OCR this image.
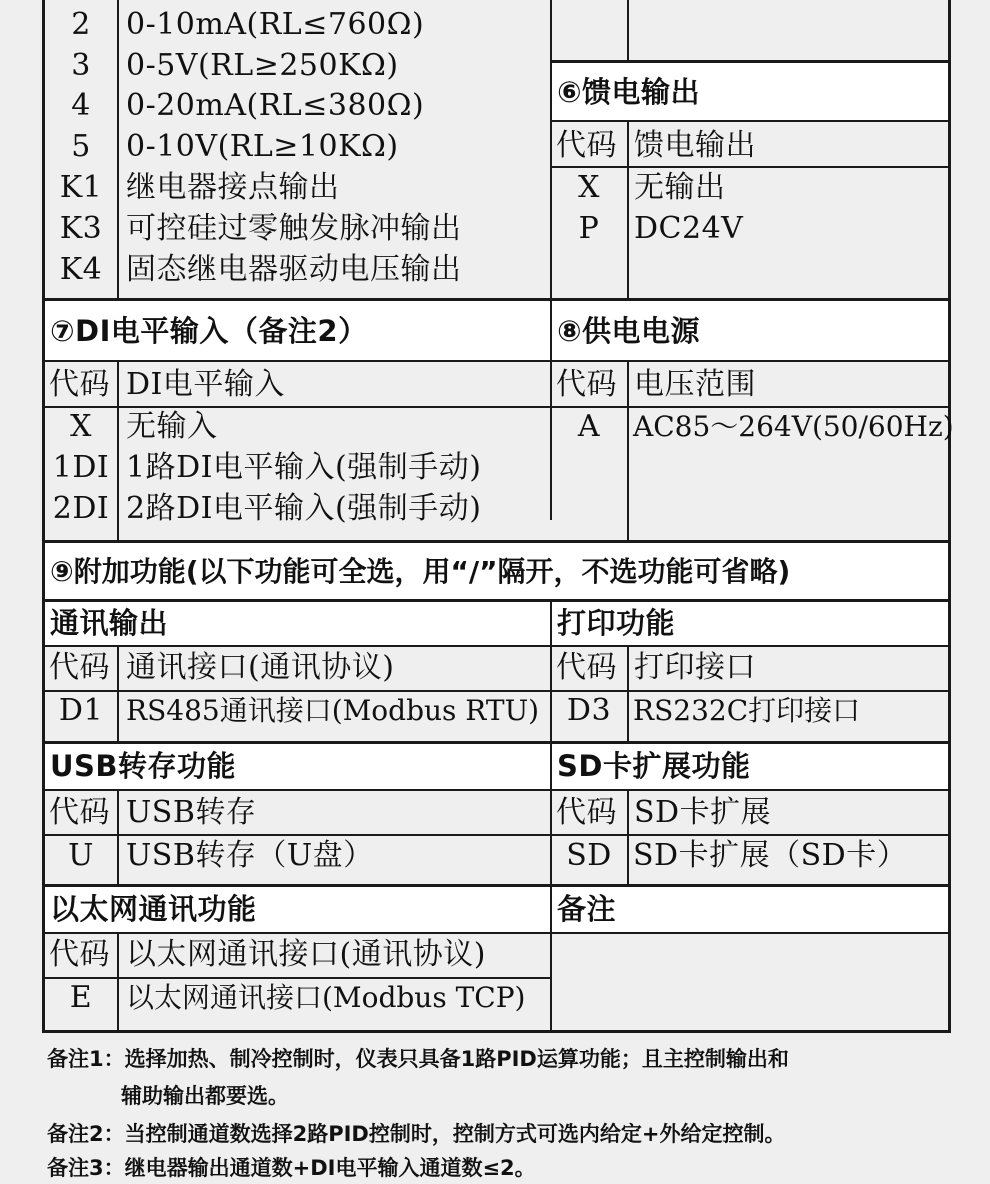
2	0-10mA(RL≤760Ω)
3	0-5V(RL≥250KΩ)
4	0-20mA(RL≤380Ω)
5	0-10V(RL≥10KΩ)
K1 继电器接点输出
K3 可控硅过零触发脉冲输出
K4 固态继电器驱动电压输出
⑥馈电输出
代码 馈电输出
X	无输出
P	DC24V
⑦DI电平输入（备注2）
代码 DI电平输入
X	无输入
1DI 1路DI电平输入(强制手动)
2DI 2路DI电平输入(强制手动)
⑧供电电源
代码 电压范围
A	AC85～264V(50/60Hz)
⑨附加功能(以下功能可全选，用“/”隔开，不选功能可省略)
通讯输出
代码 通讯接口(通讯协议)
D1 RS485通讯接口(Modbus RTU)
打印功能
代码 打印接口
D3 RS232C打印接口
USB转存功能
代码 USB转存
U	USB转存（U盘）
SD卡扩展功能
代码 SD卡扩展
SD SD卡扩展（SD卡）
以太网通讯功能
代码 以太网通讯接口(通讯协议)
E	以太网通讯接口(Modbus TCP)
备注
备注1：选择加热、制冷控制时，仪表只具备1路PID运算功能；且主控制输出和
辅助输出都要选。
备注2：当控制通道数选择2路PID控制时，控制方式可选内给定+外给定控制。
备注3：继电器输出通道数+DI电平输入通道数≤2。
